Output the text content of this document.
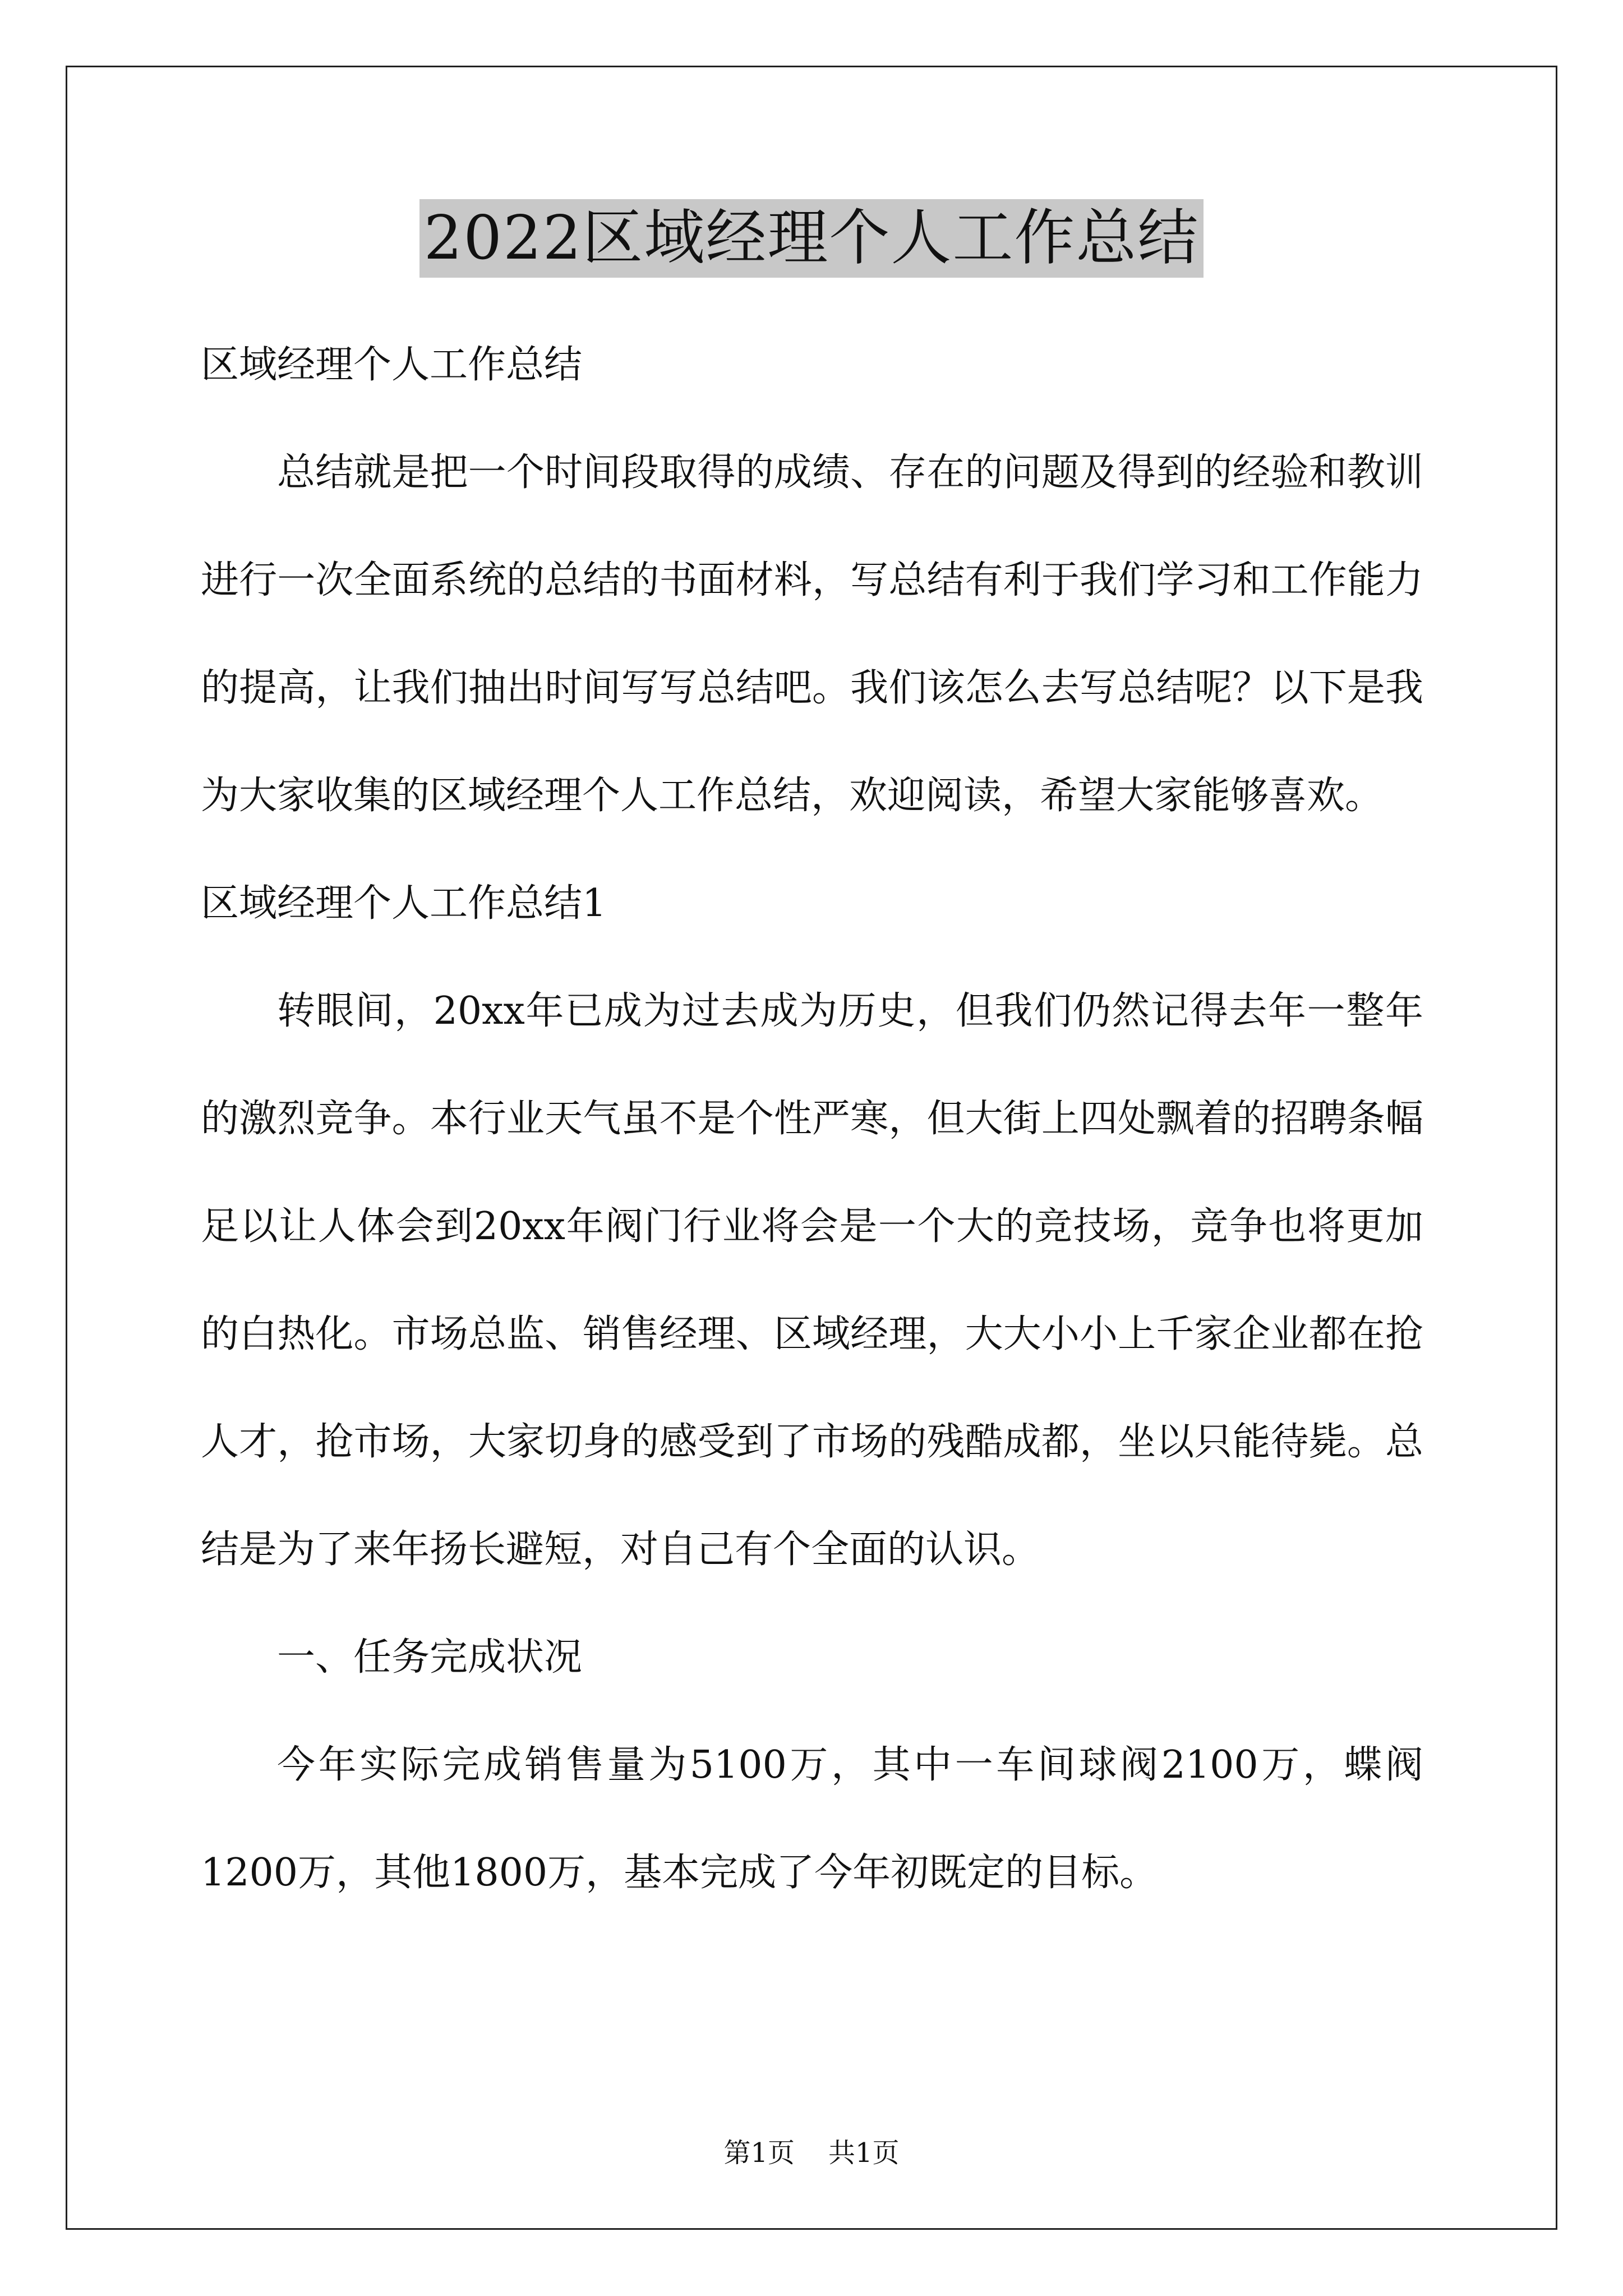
2022区域经理个人工作总结
区域经理个人工作总结
总结就是把一个时间段取得的成绩、存在的问题及得到的经验和教训进行一次全面系统的总结的书面材料，写总结有利于我们学习和工作能力的提高，让我们抽出时间写写总结吧。我们该怎么去写总结呢？以下是我为大家收集的区域经理个人工作总结，欢迎阅读，希望大家能够喜欢。
区域经理个人工作总结1
转眼间，20xx年已成为过去成为历史，但我们仍然记得去年一整年的激烈竞争。本行业天气虽不是个性严寒，但大街上四处飘着的招聘条幅足以让人体会到20xx年阀门行业将会是一个大的竞技场，竞争也将更加的白热化。市场总监、销售经理、区域经理，大大小小上千家企业都在抢人才，抢市场，大家切身的感受到了市场的残酷成都，坐以只能待毙。总结是为了来年扬长避短，对自己有个全面的认识。
一、任务完成状况
今年实际完成销售量为5100万，其中一车间球阀2100万，蝶阀1200万，其他1800万，基本完成了今年初既定的目标。
第1页 共1页
